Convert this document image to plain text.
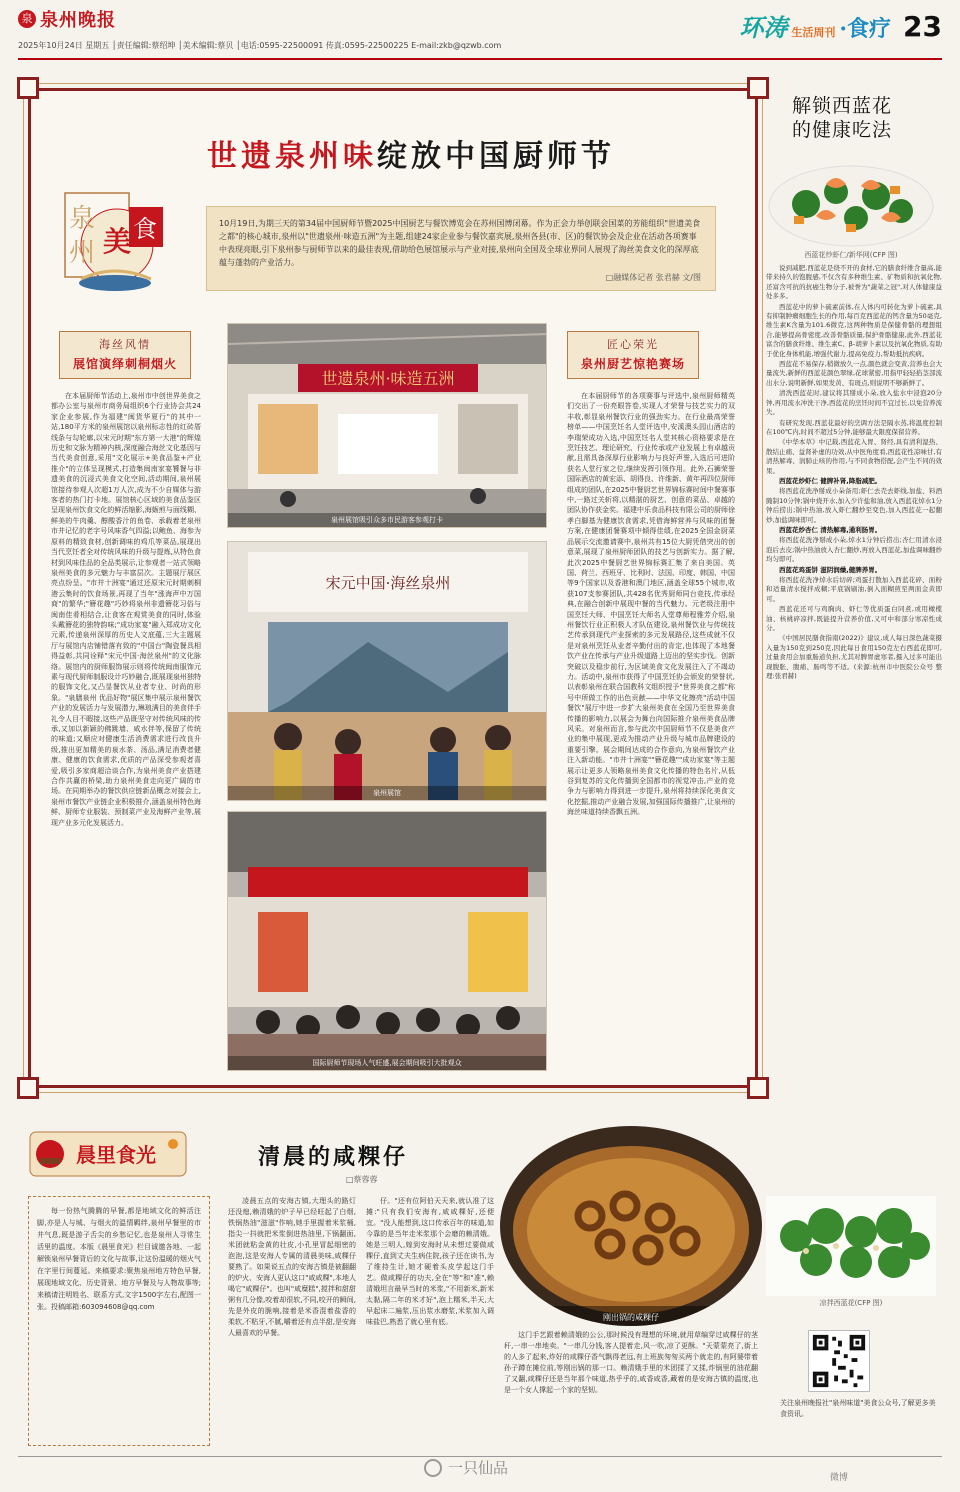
泉 泉州晚报
2025年10月24日 星期五 │责任编辑:蔡绍坤 │美术编辑:蔡贝 │电话:0595-22500091 传真:0595-22500225 E-mail:zkb@qzwb.com
环涛 生活周刊 ·食疗 23
世遗泉州味绽放中国厨师节
泉
州 美 食	10月19日,为期三天的第34届中国厨师节暨2025中国厨艺与餐饮博览会在苏州国博闭幕。作为正会力举创联会国菜的芳能组织"世遗美食之都"的核心城市,泉州以"世遗泉州·味造五洲"为主题,组建24家企业参与餐饮嘉宾展,泉州各县(市、区)的餐饮协会及企业在活动各项赛事中表现亮眼,引下泉州参与厨师节以来的最佳表现,借助给色展馆展示与产业对接,泉州向全国及全球业界同人展现了海丝美食文化的深厚底蕴与蓬勃的产业活力。
□融媒体记者 张君赫 文/图
海丝风情
展馆演绎刺桐烟火
匠心荣光
泉州厨艺惊艳赛场

在本届厨师节活动上,泉州市中创世界美食之都办公室与泉州市商务局组织6个行业协会共24家企业参展,作为福建"闽货华夏行"的其中一站,180平方米的泉州展馆以泉州标志性的红砖厝线条与勾轮廓,以宋元时期"东方第一大港"的辉煌历史和文脉为精神内核,深度融合海丝文化基因与当代美食创意,采用"文化展示+美食品鉴+产业推介"的立体呈现模式,打造集闽南家宴饕餐与非遗美食的沉浸式美食文化空间,活动期间,泉州展馆接待参观人次超1万人次,成为不少自媒体与游客者的热门打卡地。展馆核心区域的美食品鉴区呈现泉州饮食文化的鲜活缩影,海蛎煎与面线糊、鲜美的牛肉羹、醇酸香汁的鱼卷、承载着老泉州市井记忆的老字号风味香气四溢;以鲍鱼、海参为原料的精致食材,创新调味的鸡爪等菜品,展现出当代烹饪者全对传统风味的升级与提炼,从特色食材到风味佳品的全品类展示,让参观者一站式领略泉州美食的多元魅力与丰富层次。主题展厅展区亮点纷呈。"市井十洲宴"通过还原宋元时期刺桐港云集时的饮食场景,再现了当年"涨海声中万国商"的繁华;"簪花趣"巧妙将泉州非遗簪花习俗与闽南佳肴相结合,让食客在观赏美食的同时,体验头戴簪花的独特韵味;"成功家宴"融入郑成功文化元素,传递泉州深厚的历史人文底蕴,三大主题展厅与展馆内店铺错落有致的"中国台"陶瓷餐具相得益彰,共同诠释"宋元中国·海丝泉州"的文化脉络。展馆内的厨师服饰展示则将传统闽南服饰元素与现代厨师制服设计巧妙融合,既展现泉州独特的服饰文化,又凸显餐饮从业者专业、时尚的形象。"泉膳泉州 优品好物"展区集中展示泉州餐饮产业的发展活力与发展潜力,琳琅满目的美食伴手礼令人目不暇接,这些产品既坚守对传统风味的传承,又加以新颖的佛跳墙、咸水伴等,保留了传统的味道;又顺应对健康生活消费需求进行改良升级,推出更加精美的泉水茶、汤品,满足消费者健康、健康的饮食需求,优质的产品深受参观者喜爱,吸引多家商超洽谈合作,为泉州美食产业搭建合作共赢的桥梁,助力泉州美食走向更广阔的市场。在同期举办的餐饮供应链新品概念对接会上,泉州市餐饮产业链企业积极推介,涵盖泉州特色海鲜、厨师专业服装、预制菜产业及海鲜产业等,展现产业多元化发展活力。

世遗泉州·味造五洲
泉州展馆吸引众多市民游客参观打卡
宋元中国·海丝泉州
泉州展馆
国际厨师节现场人气旺盛,展会期间吸引大批观众

在本届厨师节的各项赛事与评选中,泉州厨师精英们交出了一份亮眼答卷,实现人才荣誉与技艺实力的双丰收,彰显泉州餐饮行业的强劲实力。在行业最高荣誉榜单——中国烹饪名人堂评选中,安溪澳头园山酒店的李瑞荣成功入选,中国烹饪名人堂其核心资格要求是在烹饪技艺、理论研究、行业传承或产业发展上有卓越贡献,且需具备深厚行业影响力与良好声誉,入选后可进阶获名人堂行家之位,继续发挥引领作用。此外,石狮荣誉国际酒店的黄宏添、胡得良、许维新、黄年再四位厨师组成的团队,在2025中餐厨艺世界锦标赛时间中餐赛事中,一路过关斩将,以精湛的厨艺、创意的菜品、卓越的团队协作获金奖。福建中乐食品科技有限公司的厨师徐孝白脚基为健康饮食需求,凭借海鲜营养与风味的团餐方案,在健康团餐赛项中倾得佳绩,在2025全国金厨菜品展示交流邀请赛中,泉州共有15位大厨凭借突出的创意菜,展现了泉州厨师团队的技艺与创新实力。据了解,此次2025中餐厨艺世界锦标赛汇集了来自美国、英国、荷兰、西班牙、比利时、法国、印度、韩国、中国等9个国家以及香港和澳门地区,涵盖全球55个城市,收获107支参赛团队,共428名优秀厨师同台竞技,传承经典,在融合创新中展现中餐的当代魅力。元老级注册中国烹饪大师、中国烹饪大师名人堂尊师程雅芳介绍,泉州餐饮行业正积极人才队伍建设,泉州餐饮业与传统技艺传承到现代产业探索的多元发展路径,这些成就不仅是对泉州烹饪从业者辛勤付出的肯定,也体现了本地餐饮产业在传承与产业升级道路上迈出的坚实步伐。创新突破以及稳步前行,为区域美食文化发展注入了不竭动力。活动中,泉州市获得了中国烹饪协会颁发的荣誉状,以表彰泉州在联合国教科文组织授予"世界美食之都"称号中所做工作的出色贡献——中华文化擦亮"活动中国餐饮"展厅中进一步扩大泉州美食在全国乃至世界美食传播的影响力,以展会为舞台向国际推介泉州美食品牌风采。对泉州而言,参与此次中国厨师节不仅是美食产业的集中展现,更成为推动产业升级与城市品牌建设的重要引擎。展会期间达成的合作意向,为泉州餐饮产业注入新动能。"市井十洲宴""簪花趣""成功家宴"等主题展示让更多人领略泉州美食文化传播的特色名片,从低谷到复苏的文化传播到全国都市的视觉冲击,产业的竞争力与影响力得到进一步提升,泉州将持续深化美食文化挖掘,推动产业融合发展,加强国际传播推广,让泉州的海丝味道持续香飘五洲。

解锁西蓝花
的健康吃法
西蓝花炒虾仁/新华网(CFP 图)

说到减肥,西蓝花是绕不开的食材,它的膳食纤维含量高,能带来持久的饱腹感,不仅含有多种维生素、矿物质和抗氧化物,还富含可抗的抗癌生物分子,被誉为"蔬菜之冠",对人体健康益处多多。

西蓝花中的萝卜硫素前体,在人体内可转化为萝卜硫素,具有抑制肿瘤细胞生长的作用,每百克西蓝花的钙含量为50毫克,维生素K含量为101.6微克,这两种物质是保健骨骼的理想组合,能够提高骨密度,改善骨骼质量,保护骨骼健康,此外,西蓝花富含的膳食纤维、维生素C、β-胡萝卜素以及抗氧化物质,有助于优化身体机能,增强代谢力,提高免疫力,帮助抵抗疾病。

西蓝花不易保存,稍微放久一点,颜色就会变黄,营养也会大量流失,新鲜的西蓝花颜色翠绿,花球紧密,用指甲轻轻掐茎部流出水分,说明新鲜,如果发黄、有斑点,则说明不够新鲜了。

清洗西蓝花时,建议将其掰成小朵,放入盐水中浸泡20分钟,再用流水冲洗干净,西蓝花的烹饪时间不宜过长,以免营养流失。

有研究发现,西蓝花最好的烹调方法是隔水蒸,将温度控制在100℃内,时间不超过5分钟,能够最大限度保留营养。

《中华本草》中记载,西蓝花入胃、肾经,具有清利湿热、散结止痛、益肾补虚的功效,从中医角度看,西蓝花性凉味甘,有清热解毒、润肺止咳的作用,与不同食物搭配,会产生不同的效果。

西蓝花炒虾仁 健脾补肾,降脂减肥。

将西蓝花洗净掰成小朵备用;虾仁去壳去虾线,加盐、料酒腌制10分钟;锅中烧开水,加入少许盐和油,放入西蓝花焯水1分钟后捞出;锅中热油,放入虾仁翻炒至变色,加入西蓝花一起翻炒,加盐调味即可。

西蓝花炒杏仁 清热解毒,通利肠胃。

将西蓝花洗净掰成小朵,焯水1分钟后捞出;杏仁用清水浸泡后去皮;锅中热油放入杏仁翻炒,再放入西蓝花,加盐调味翻炒均匀即可。

西蓝花鸡蛋饼 滋阴润燥,健脾养胃。

将西蓝花洗净焯水后切碎;鸡蛋打散加入西蓝花碎、面粉和适量清水搅拌成糊;平底锅刷油,倒入面糊煎至两面金黄即可。

西蓝花还可与鸡胸肉、虾仁等优质蛋白同煮,或用橄榄油、核桃碎凉拌,既能提升营养价值,又可中和部分寒凉性成分。

《中国居民膳食指南(2022)》建议,成人每日深色蔬菜摄入量为150克到250克,因此每日食用150克左右西蓝花即可,过量食用会加重肠道负担,尤其对脾胃虚寒者,摄入过多可能出现腹胀、腹痛、肠鸣等不适。(来源:杭州市中医院公众号 整理:张君赫)

凉拌西蓝花(CFP 图)
关注泉州晚报社"泉州味道"美食公众号,了解更多美食资讯。
晨里食光
每一份热气腾腾的早餐,都是地域文化的鲜活注脚,亦是人与城、与烟火的温情羁绊,泉州早餐里的市井气息,既是游子舌尖的乡愁记忆,也是泉州人寻常生活里的温度。本版《晨里食光》栏目诚邀各地、一起解锁泉州早餐背后的文化与故事,让这份温暖的烟火气在字里行间蔓延。来稿要求:聚焦泉州地方特色早餐,展现地域文化、历史背景、地方早餐及与人物故事等;来稿请注明姓名、联系方式,文字1500字左右,配图一张。投稿邮箱:603094608@qq.com
清晨的咸粿仔
□蔡蓉蓉

凌晨五点的安海古镇,大理头的路灯还没熄,赖清娥的炉子早已经旺起了白烟,铁锅热油"滋滋"作响,她手里握着米浆桶,指尖一抖就把米浆倒进热油里,下锅翻面,米团就粘金黄的壮皮,小孔里冒起细密的泡泡,这是安海人专属的清晨美味,咸粿仔要熟了。如果说五点的安海古镇是被翻翻的炉火、安海人更认这口"咸咸粿",本地人喝它"咸粿仔"。也叫"咸糜糕",搅拌和甜甜粥有几分像,咬着却很软,不同,咬开的瞬间,先是外皮的脆响,接着是米香混着盐香的柔软,不粘牙,不腻,嚼着还有点半甜,是安海人最喜欢的早餐。

仔。"还有位阿伯天天来,就认准了这摊:"只有我们安海有,咸咸粿好,还便宜。"没人能想到,这口传承百年的味道,如今靠的是当年走米浆那个会磨的赖清娥。她是三明人,嫁到安海时从未想过要做咸粿仔,直到丈夫生病住院,孩子还在读书,为了维持生计,她才硬着头皮学起这门手艺。做咸粿仔的功夫,全在"等"和"准",赖清娥坦言最早当时的米浆,"不用新米,新米太黏,隔二年的米才好",泡上糯米,半天,大早起床二遍浆,压出浆水磨浆,米浆加入调味盐巴,熟悉了就心里有底。	刚出锅的咸粿仔

这门手艺跟着赖清娥的公公,那时候没有理想的环境,就用草编穿过咸粿仔的茎秆,一串一串地卖。"一串几分钱,客人提着走,风一吹,凉了更酥。"天蒙蒙亮了,街上的人多了起来,炸好的咸粿仔香气飘得老远,有上班族匆匆买两个就走的,有阿婆带着孙子蹲在摊位前,等刚出锅的那一口。赖清娥手里的米团揉了又揉,炸锅里的油花翻了又翻,咸粿仔还是当年那个味道,热乎乎的,咸香咸香,藏着的是安海古镇的温度,也是一个女人撑起一个家的坚韧。

一只仙品
微博
